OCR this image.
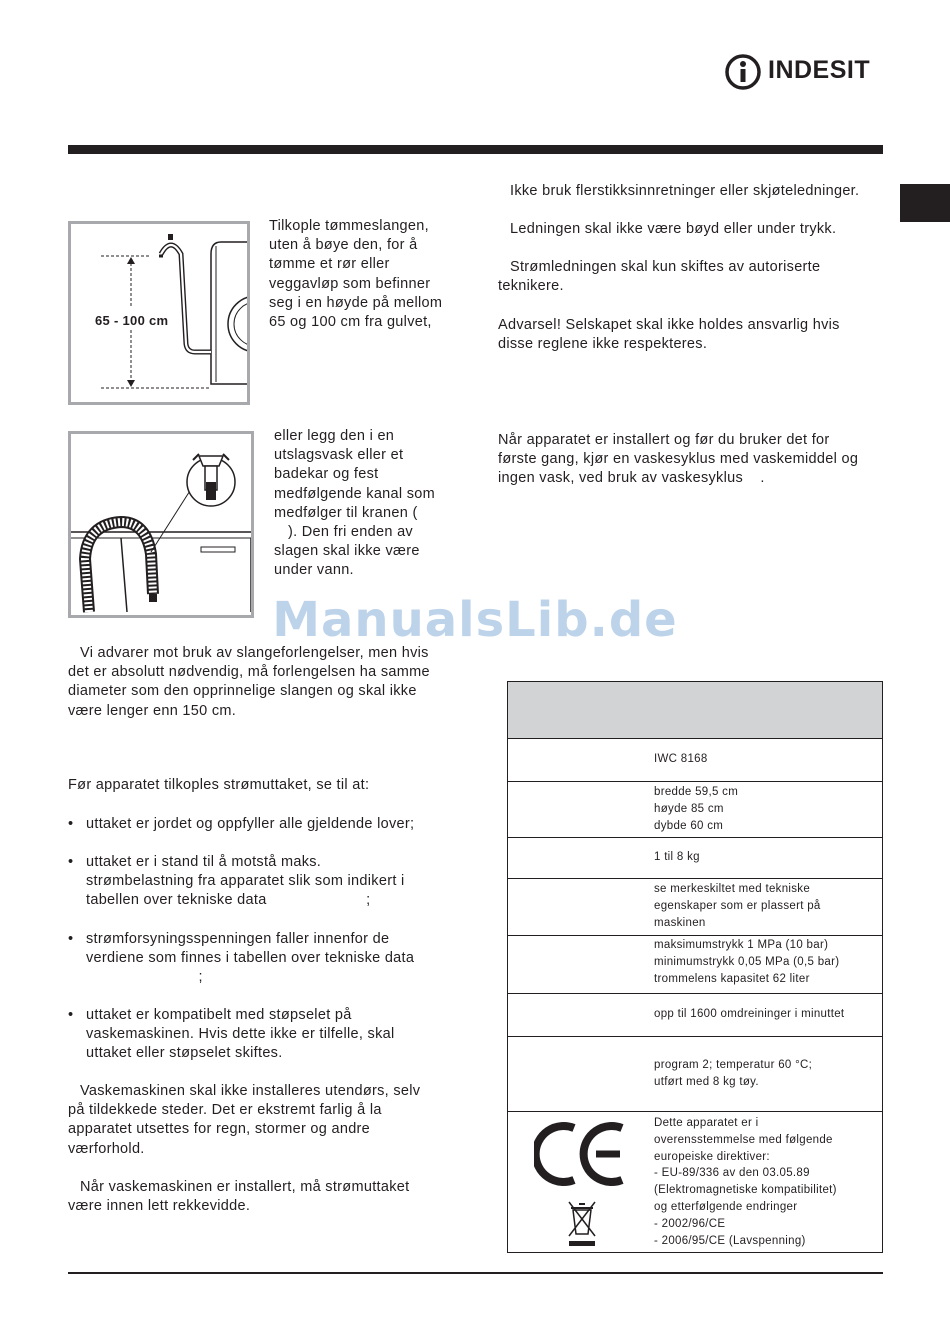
INDESIT
65 - 100 cm
Tilkople tømmeslangen,
uten å bøye den, for å
tømme et rør eller
veggavløp som befinner
seg i en høyde på mellom
65 og 100 cm fra gulvet,
eller legg den i en
utslagsvask eller et
badekar og fest
medfølgende kanal som
medfølger til kranen (
). Den fri enden av
slagen skal ikke være
under vann.
ManualsLib.de
Vi advarer mot bruk av slangeforlengelser, men hvis
det er absolutt nødvendig, må forlengelsen ha samme
diameter som den opprinnelige slangen og skal ikke
være lenger enn 150 cm.
Før apparatet tilkoples strømuttaket, se til at:
• uttaket er jordet og oppfyller alle gjeldende lover;
• uttaket er i stand til å motstå maks.
strømbelastning fra apparatet slik som indikert i
tabellen over tekniske data                       ;
• strømforsyningsspenningen faller innenfor de
verdiene som finnes i tabellen over tekniske data
;
• uttaket er kompatibelt med støpselet på
vaskemaskinen. Hvis dette ikke er tilfelle, skal
uttaket eller støpselet skiftes.
Vaskemaskinen skal ikke installeres utendørs, selv
på tildekkede steder. Det er ekstremt farlig å la
apparatet utsettes for regn, stormer og andre
værforhold.
Når vaskemaskinen er installert, må strømuttaket
være innen lett rekkevidde.
Ikke bruk flerstikksinnretninger eller skjøteledninger.
Ledningen skal ikke være bøyd eller under trykk.
Strømledningen skal kun skiftes av autoriserte
teknikere.
Advarsel! Selskapet skal ikke holdes ansvarlig hvis
disse reglene ikke respekteres.
Når apparatet er installert og før du bruker det for
første gang, kjør en vaskesyklus med vaskemiddel og
ingen vask, ved bruk av vaskesyklus    .
IWC 8168
bredde 59,5 cm
høyde 85 cm
dybde 60 cm
1 til 8 kg
se merkeskiltet med tekniske
egenskaper som er plassert på
maskinen
maksimumstrykk 1 MPa (10 bar)
minimumstrykk 0,05 MPa (0,5 bar)
trommelens kapasitet 62 liter
opp til 1600 omdreininger i minuttet
program 2; temperatur 60 °C;
utført med 8 kg tøy.
Dette apparatet er i
overensstemmelse med følgende
europeiske direktiver:
- EU-89/336 av den 03.05.89
(Elektromagnetiske kompatibilitet)
og etterfølgende endringer
- 2002/96/CE
- 2006/95/CE (Lavspenning)
